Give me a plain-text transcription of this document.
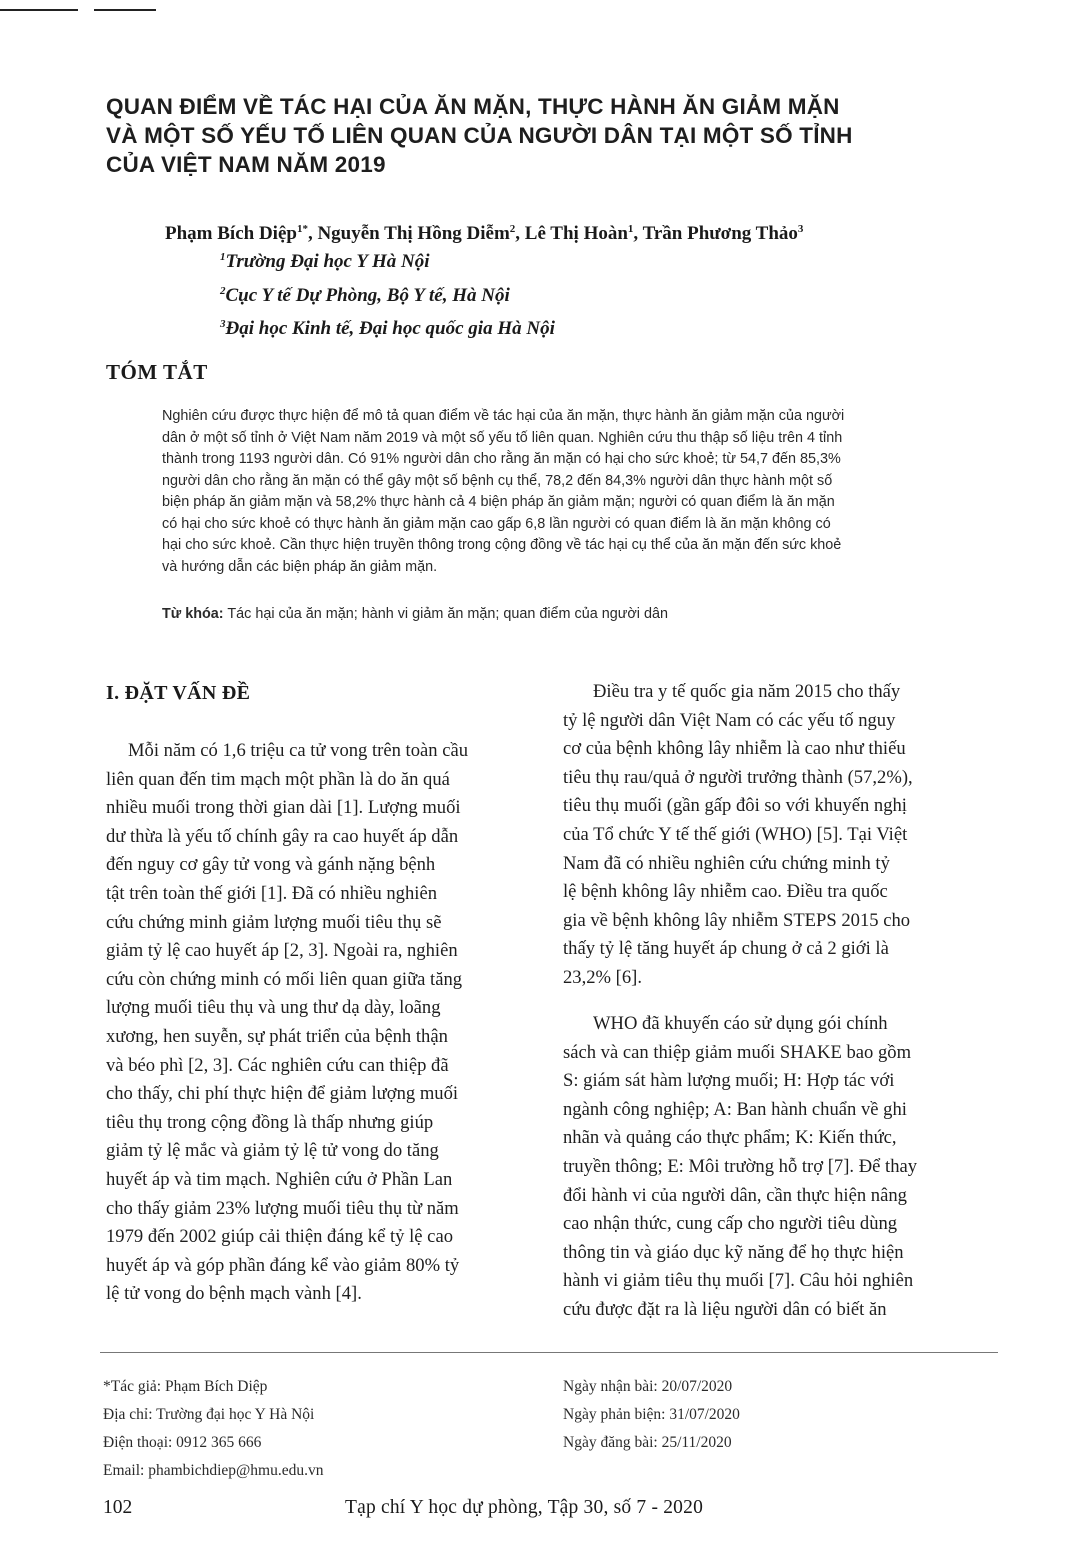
QUAN ĐIỂM VỀ TÁC HẠI CỦA ĂN MẶN, THỰC HÀNH ĂN GIẢM MẶN
VÀ MỘT SỐ YẾU TỐ LIÊN QUAN CỦA NGƯỜI DÂN TẠI MỘT SỐ TỈNH
CỦA VIỆT NAM NĂM 2019
Phạm Bích Diệp$^{1*}$, Nguyễn Thị Hồng Diễm$^2$, Lê Thị Hoàn$^1$, Trần Phương Thảo$^3$
$^1$Trường Đại học Y Hà Nội
$^2$Cục Y tế Dự Phòng, Bộ Y tế, Hà Nội
$^3$Đại học Kinh tế, Đại học quốc gia Hà Nội
TÓM TẮT
Nghiên cứu được thực hiện để mô tả quan điểm về tác hại của ăn mặn, thực hành ăn giảm mặn của người
dân ở một số tỉnh ở Việt Nam năm 2019 và một số yếu tố liên quan. Nghiên cứu thu thập số liệu trên 4 tỉnh
thành trong 1193 người dân. Có 91% người dân cho rằng ăn mặn có hại cho sức khoẻ; từ 54,7 đến 85,3%
người dân cho rằng ăn mặn có thể gây một số bệnh cụ thể, 78,2 đến 84,3% người dân thực hành một số
biện pháp ăn giảm mặn và 58,2% thực hành cả 4 biện pháp ăn giảm mặn; người có quan điểm là ăn mặn
có hại cho sức khoẻ có thực hành ăn giảm mặn cao gấp 6,8 lần người có quan điểm là ăn mặn không có
hại cho sức khoẻ. Cần thực hiện truyền thông trong cộng đồng về tác hại cụ thể của ăn mặn đến sức khoẻ
và hướng dẫn các biện pháp ăn giảm mặn.
Từ khóa: Tác hại của ăn mặn; hành vi giảm ăn mặn; quan điểm của người dân
I. ĐẶT VẤN ĐỀ
Mỗi năm có 1,6 triệu ca tử vong trên toàn cầu
liên quan đến tim mạch một phần là do ăn quá
nhiều muối trong thời gian dài [1]. Lượng muối
dư thừa là yếu tố chính gây ra cao huyết áp dẫn
đến nguy cơ gây tử vong và gánh nặng bệnh
tật trên toàn thế giới [1]. Đã có nhiều nghiên
cứu chứng minh giảm lượng muối tiêu thụ sẽ
giảm tỷ lệ cao huyết áp [2, 3]. Ngoài ra, nghiên
cứu còn chứng minh có mối liên quan giữa tăng
lượng muối tiêu thụ và ung thư dạ dày, loãng
xương, hen suyễn, sự phát triển của bệnh thận
và béo phì [2, 3]. Các nghiên cứu can thiệp đã
cho thấy, chi phí thực hiện để giảm lượng muối
tiêu thụ trong cộng đồng là thấp nhưng giúp
giảm tỷ lệ mắc và giảm tỷ lệ tử vong do tăng
huyết áp và tim mạch. Nghiên cứu ở Phần Lan
cho thấy giảm 23% lượng muối tiêu thụ từ năm
1979 đến 2002 giúp cải thiện đáng kể tỷ lệ cao
huyết áp và góp phần đáng kể vào giảm 80% tỷ
lệ tử vong do bệnh mạch vành [4].
Điều tra y tế quốc gia năm 2015 cho thấy
tỷ lệ người dân Việt Nam có các yếu tố nguy
cơ của bệnh không lây nhiễm là cao như thiếu
tiêu thụ rau/quả ở người trưởng thành (57,2%),
tiêu thụ muối (gần gấp đôi so với khuyến nghị
của Tổ chức Y tế thế giới (WHO) [5]. Tại Việt
Nam đã có nhiều nghiên cứu chứng minh tỷ
lệ bệnh không lây nhiễm cao. Điều tra quốc
gia về bệnh không lây nhiễm STEPS 2015 cho
thấy tỷ lệ tăng huyết áp chung ở cả 2 giới là
23,2% [6].
WHO đã khuyến cáo sử dụng gói chính
sách và can thiệp giảm muối SHAKE bao gồm
S: giám sát hàm lượng muối; H: Hợp tác với
ngành công nghiệp; A: Ban hành chuẩn về ghi
nhãn và quảng cáo thực phẩm; K: Kiến thức,
truyền thông; E: Môi trường hỗ trợ [7]. Để thay
đổi hành vi của người dân, cần thực hiện nâng
cao nhận thức, cung cấp cho người tiêu dùng
thông tin và giáo dục kỹ năng để họ thực hiện
hành vi giảm tiêu thụ muối [7]. Câu hỏi nghiên
cứu được đặt ra là liệu người dân có biết ăn
*Tác giả: Phạm Bích Diệp
Địa chỉ: Trường đại học Y Hà Nội
Điện thoại: 0912 365 666
Email: phambichdiep@hmu.edu.vn
Ngày nhận bài: 20/07/2020
Ngày phản biện: 31/07/2020
Ngày đăng bài: 25/11/2020
102	Tạp chí Y học dự phòng, Tập 30, số 7 - 2020
